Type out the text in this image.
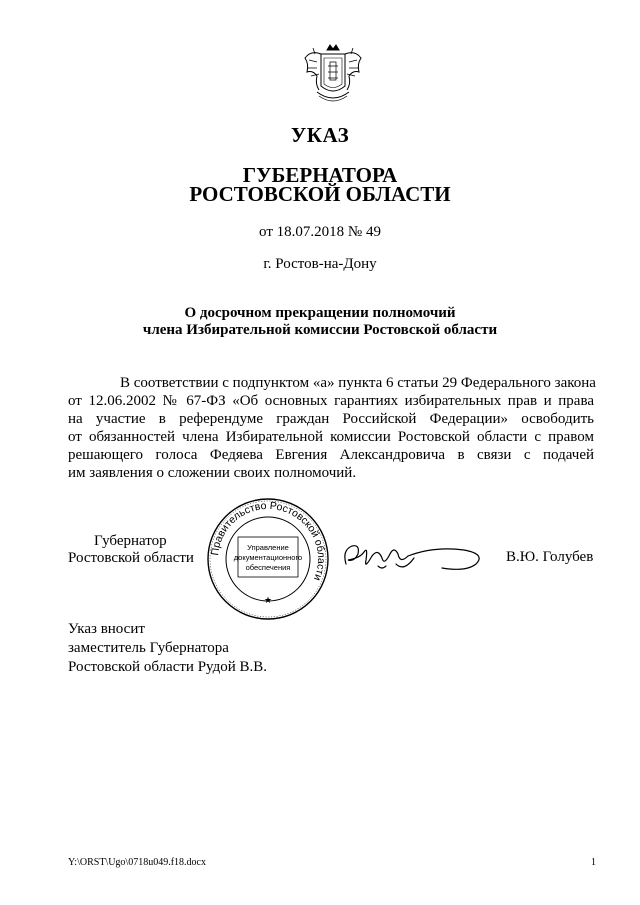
УКАЗ
ГУБЕРНАТОРА
РОСТОВСКОЙ ОБЛАСТИ
от 18.07.2018 № 49
г. Ростов-на-Дону
О досрочном прекращении полномочий
члена Избирательной комиссии Ростовской области
В соответствии с подпунктом «а» пункта 6 статьи 29 Федерального закона
от 12.06.2002 № 67-ФЗ «Об основных гарантиях избирательных прав и права
на участие в референдуме граждан Российской Федерации» освободить
от обязанностей члена Избирательной комиссии Ростовской области с правом
решающего голоса Федяева Евгения Александровича в связи с подачей
им заявления о сложении своих полномочий.
Губернатор
Ростовской области Правительство Ростовской области
★
Управление
документационного
обеспечения
В.Ю. Голубев
Указ вносит
заместитель Губернатора
Ростовской области Рудой В.В.
Y:\ORST\Ugo\0718u049.f18.docx	1
